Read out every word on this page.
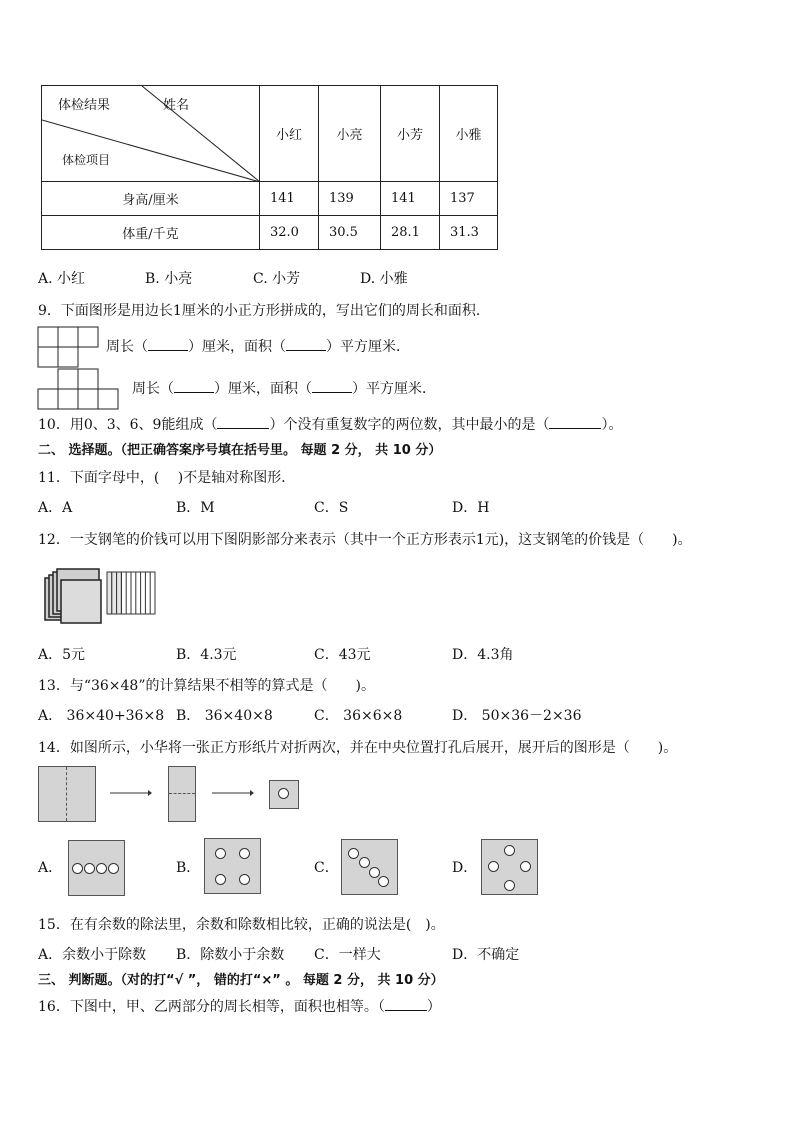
体检结果 姓名
体检项目	小红	小亮	小芳	小雅
身高/厘米	141	139	141	137
体重/千克	32.0	30.5	28.1	31.3
A. 小红	B. 小亮	C. 小芳	D. 小雅
9．下面图形是用边长1厘米的小正方形拼成的，写出它们的周长和面积．
周长（	）厘米，面积（	）平方厘米．
周长（	）厘米，面积（	）平方厘米．
10．用0、3、6、9能组成（	）个没有重复数字的两位数，其中最小的是（	）。
二、 选择题。（把正确答案序号填在括号里。 每题 2 分， 共 10 分）
11．下面字母中，(　 )不是轴对称图形．
A．A	B．M	C．S	D．H
12．一支钢笔的价钱可以用下图阴影部分来表示（其中一个正方形表示1元)，这支钢笔的价钱是（　　)。
A．5元	B．4.3元	C．43元	D．4.3角
13．与“36×48”的计算结果不相等的算式是（　　)。
A． 36×40+36×8 B． 36×40×8	C． 36×6×8	D． 50×36－2×36
14．如图所示，小华将一张正方形纸片对折两次，并在中央位置打孔后展开，展开后的图形是（　　)。
A．	B．	C．	D．
15．在有余数的除法里，余数和除数相比较，正确的说法是(　)。
A．余数小于除数 B．除数小于余数 C．一样大	D．不确定
三、 判断题。（对的打“√ ”， 错的打“×” 。 每题 2 分， 共 10 分）
16．下图中，甲、乙两部分的周长相等，面积也相等。（	）
